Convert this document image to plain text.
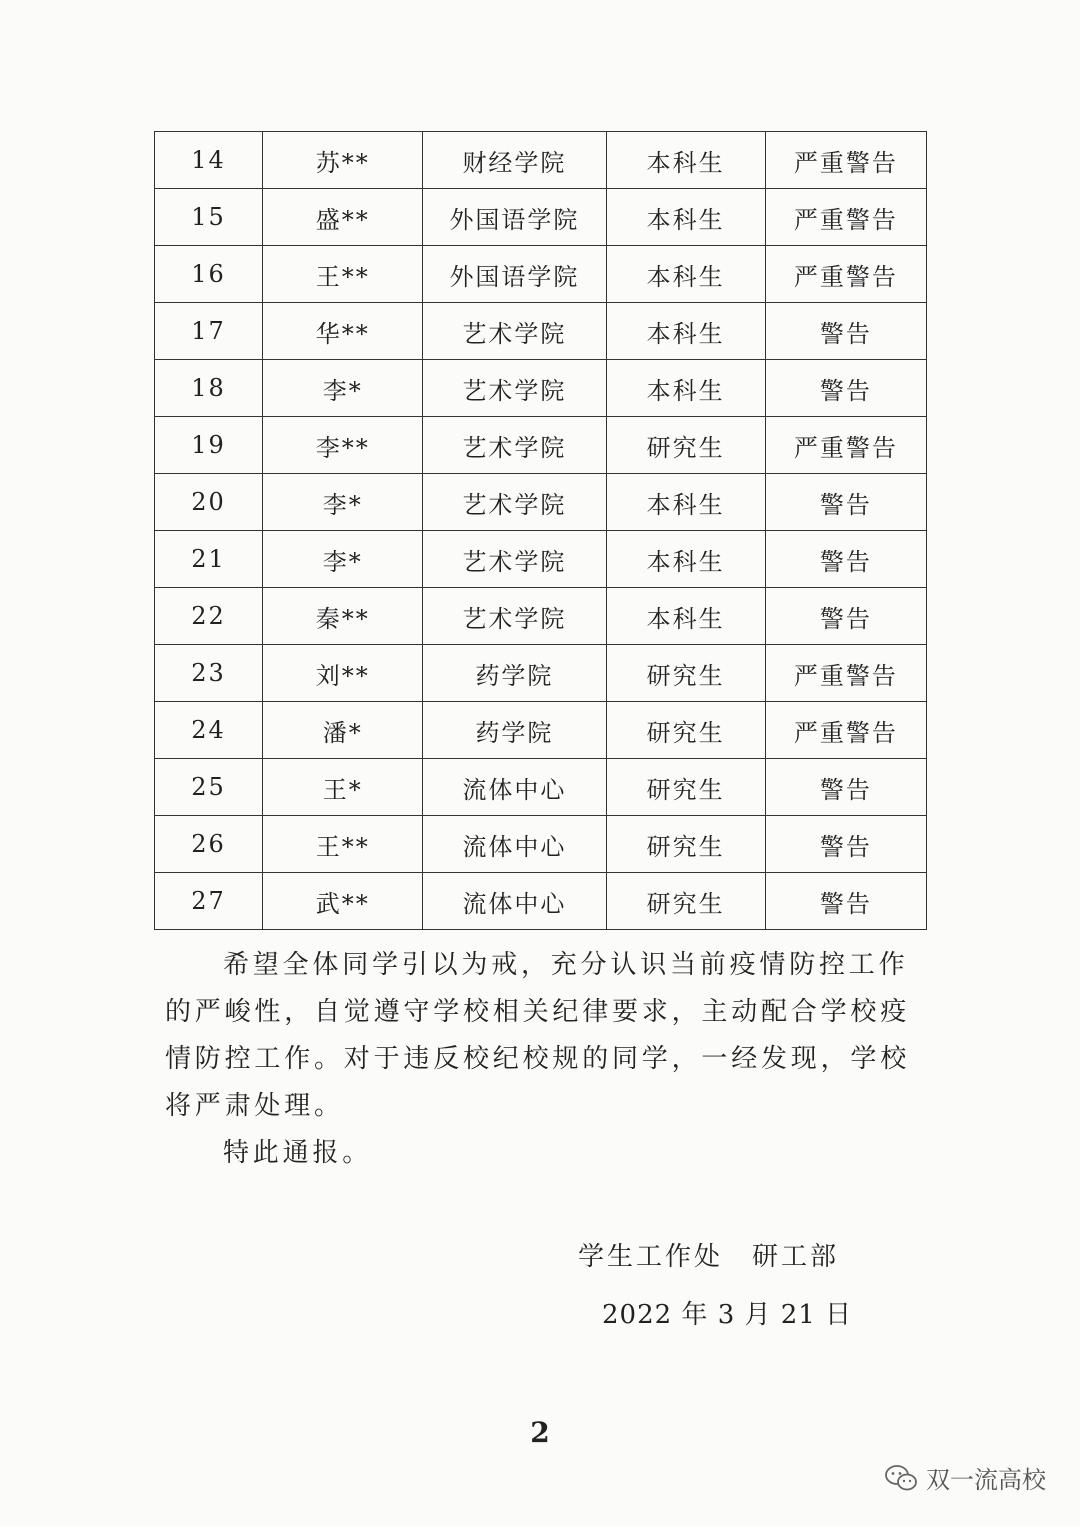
14	苏**	财经学院	本科生	严重警告
15	盛**	外国语学院	本科生	严重警告
16	王**	外国语学院	本科生	严重警告
17	华**	艺术学院	本科生	警告
18	李*	艺术学院	本科生	警告
19	李**	艺术学院	研究生	严重警告
20	李*	艺术学院	本科生	警告
21	李*	艺术学院	本科生	警告
22	秦**	艺术学院	本科生	警告
23	刘**	药学院	研究生	严重警告
24	潘*	药学院	研究生	严重警告
25	王*	流体中心	研究生	警告
26	王**	流体中心	研究生	警告
27	武**	流体中心	研究生	警告

希望全体同学引以为戒，充分认识当前疫情防控工作的严峻性，自觉遵守学校相关纪律要求，主动配合学校疫情防控工作。对于违反校纪校规的同学，一经发现，学校将严肃处理。

特此通报。

学生工作处　研工部
2022 年 3 月 21 日
2
双一流高校
